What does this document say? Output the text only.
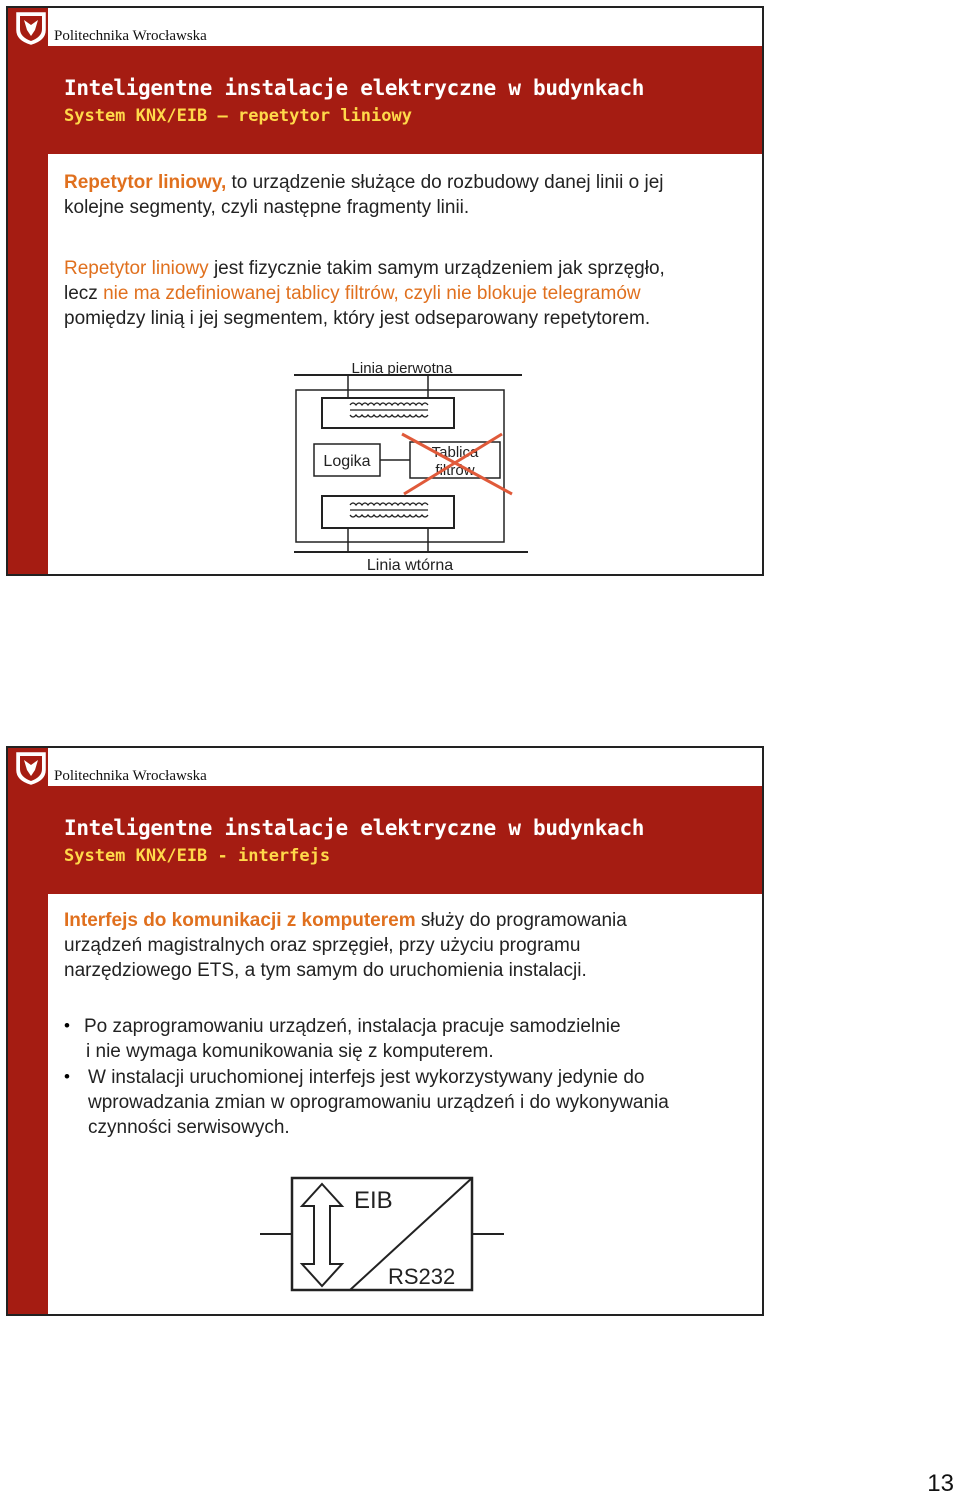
Politechnika Wrocławska
Inteligentne instalacje elektryczne w budynkach
System KNX/EIB – repetytor liniowy
Repetytor liniowy, to urządzenie służące do rozbudowy danej linii o jej
kolejne segmenty, czyli następne fragmenty linii.
Repetytor liniowy jest fizycznie takim samym urządzeniem jak sprzęgło,
lecz nie ma zdefiniowanej tablicy filtrów, czyli nie blokuje telegramów
pomiędzy linią i jej segmentem, który jest odseparowany repetytorem.
Linia pierwotna
Logika
Tablica
filtrów
Linia wtórna
Politechnika Wrocławska
Inteligentne instalacje elektryczne w budynkach
System KNX/EIB - interfejs
Interfejs do komunikacji z komputerem służy do programowania
urządzeń magistralnych oraz sprzęgieł, przy użyciu programu
narzędziowego ETS, a tym samym do uruchomienia instalacji.
• Po zaprogramowaniu urządzeń, instalacja pracuje samodzielnie
i nie wymaga komunikowania się z komputerem.
• W instalacji uruchomionej interfejs jest wykorzystywany jedynie do
wprowadzania zmian w oprogramowaniu urządzeń i do wykonywania
czynności serwisowych.
EIB
RS232
13
